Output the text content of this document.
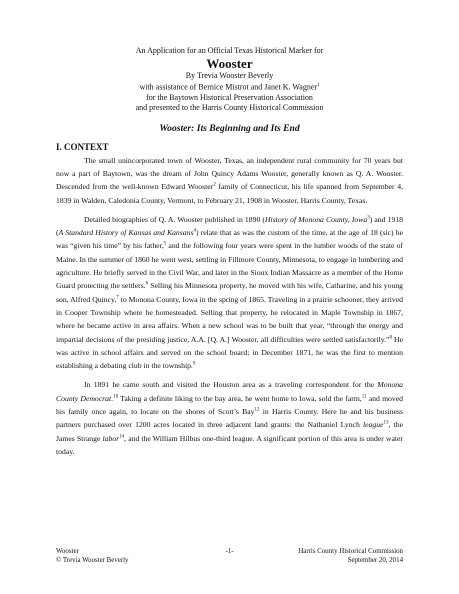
An Application for an Official Texas Historical Marker for
Wooster
By Trevia Wooster Beverly
with assistance of Bernice Mistrot and Janet K. Wagner$^1$
for the Baytown Historical Preservation Association
and presented to the Harris County Historical Commission
Wooster: Its Beginning and Its End
I. CONTEXT

The small unincorporated town of Wooster, Texas, an independent rural community for 70 years but now a part of Baytown, was the dream of John Quincy Adams Wooster, generally known as Q. A. Wooster. Descended from the well-known Edward Wooster$^2$ family of Connecticut, his life spanned from September 4, 1839 in Walden, Caledonia County, Vermont, to February 21, 1908 in Wooster, Harris County, Texas.

Detailed biographies of Q. A. Wooster published in 1890 (History of Monona County, Iowa$^3$) and 1918 (A Standard History of Kansas and Kansans$^4$) relate that as was the custom of the time, at the age of 18 (sic) he was “given his time” by his father,$^5$ and the following four years were spent in the lumber woods of the state of Maine. In the summer of 1860 he went west, settling in Fillmore County, Minnesota, to engage in lumbering and agriculture. He briefly served in the Civil War, and later in the Sioux Indian Massacre as a member of the Home Guard protecting the settlers.$^6$ Selling his Minnesota property, he moved with his wife, Catharine, and his young son, Alfred Quincy,$^7$ to Monona County, Iowa in the spring of 1865. Traveling in a prairie schooner, they arrived in Cooper Township where he homesteaded. Selling that property, he relocated in Maple Township in 1867, where he became active in area affairs. When a new school was to be built that year, “through the energy and impartial decisions of the presiding justice, A.A. [Q. A.] Wooster, all difficulties were settled satisfactorily.”$^8$ He was active in school affairs and served on the school board; in December 1871, he was the first to mention establishing a debating club in the township.$^9$

In 1891 he came south and visited the Houston area as a traveling correspondent for the Monona County Democrat.$^{10}$ Taking a definite liking to the bay area, he went home to Iowa, sold the farm,$^{11}$ and moved his family once again, to locate on the shores of Scott’s Bay$^{12}$ in Harris County. Here he and his business partners purchased over 1200 acres located in three adjacent land grants: the Nathaniel Lynch league$^{13}$, the James Strange labor$^{14}$, and the William Hilbus one-third league. A significant portion of this area is under water today.

Wooster	-1-	Harris County Historical Commission
© Trevia Wooster Beverly	September 20, 2014
